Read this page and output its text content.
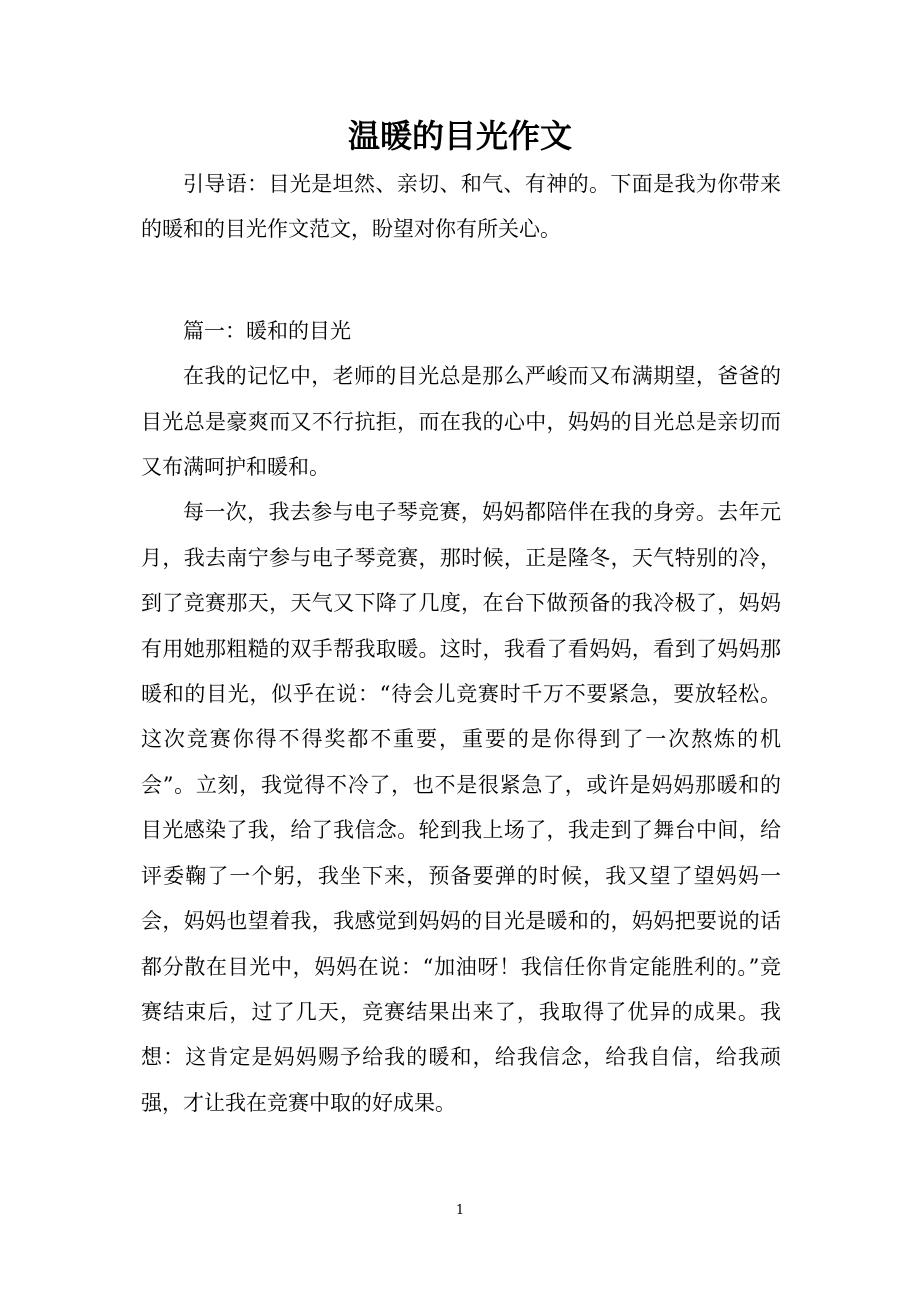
温暖的目光作文

引导语：目光是坦然、亲切、和气、有神的。下面是我为你带来的暖和的目光作文范文，盼望对你有所关心。

篇一：暖和的目光

在我的记忆中，老师的目光总是那么严峻而又布满期望，爸爸的目光总是豪爽而又不行抗拒，而在我的心中，妈妈的目光总是亲切而又布满呵护和暖和。

每一次，我去参与电子琴竞赛，妈妈都陪伴在我的身旁。去年元月，我去南宁参与电子琴竞赛，那时候，正是隆冬，天气特别的冷，到了竞赛那天，天气又下降了几度，在台下做预备的我冷极了，妈妈有用她那粗糙的双手帮我取暖。这时，我看了看妈妈，看到了妈妈那暖和的目光，似乎在说：“待会儿竞赛时千万不要紧急，要放轻松。这次竞赛你得不得奖都不重要，重要的是你得到了一次熬炼的机会”。立刻，我觉得不冷了，也不是很紧急了，或许是妈妈那暖和的目光感染了我，给了我信念。轮到我上场了，我走到了舞台中间，给评委鞠了一个躬，我坐下来，预备要弹的时候，我又望了望妈妈一会，妈妈也望着我，我感觉到妈妈的目光是暖和的，妈妈把要说的话都分散在目光中，妈妈在说：“加油呀！我信任你肯定能胜利的。”竞赛结束后，过了几天，竞赛结果出来了，我取得了优异的成果。我想：这肯定是妈妈赐予给我的暖和，给我信念，给我自信，给我顽强，才让我在竞赛中取的好成果。

1
